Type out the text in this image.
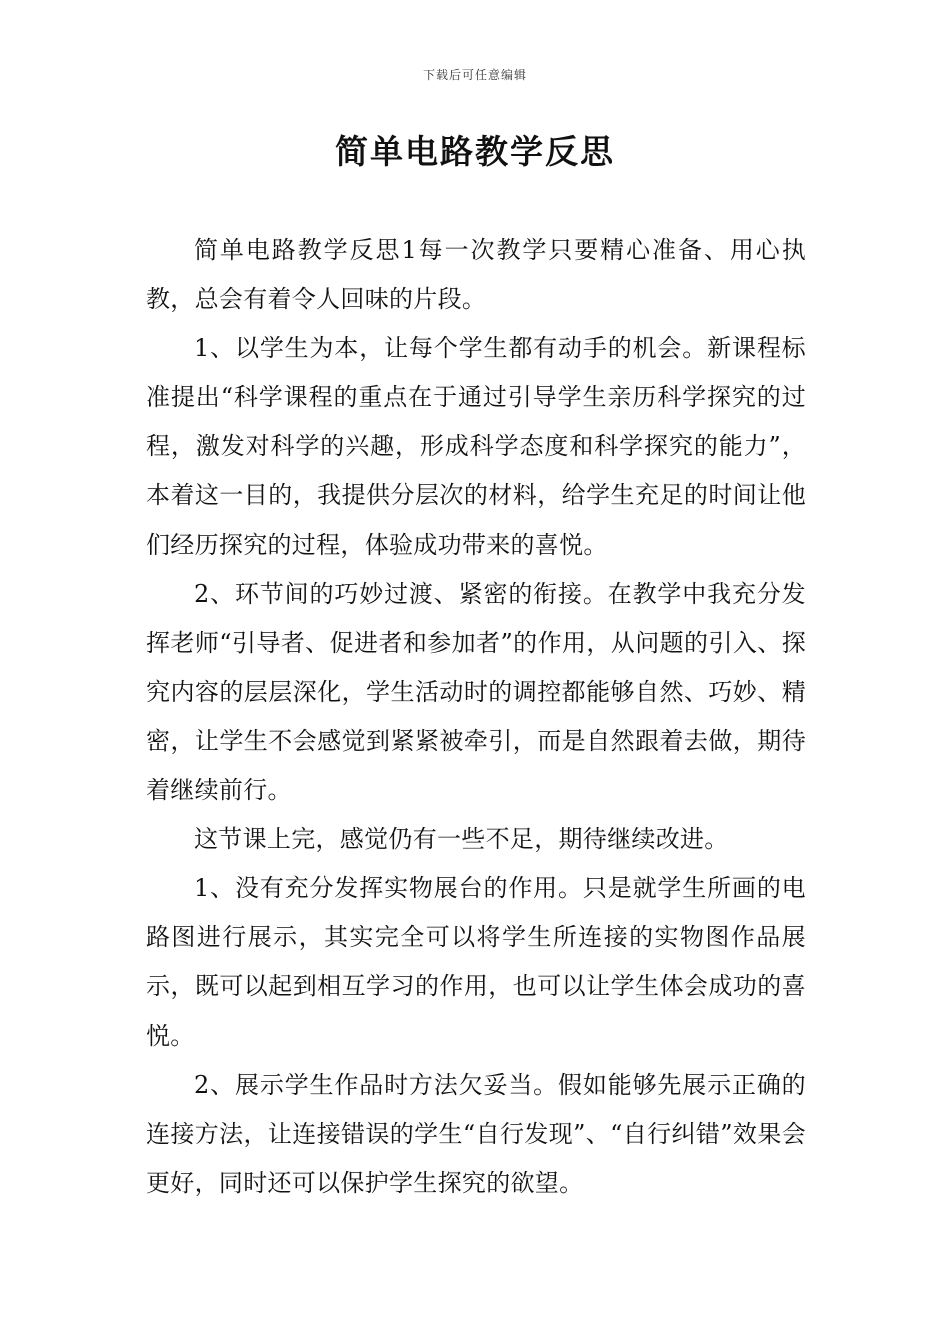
下载后可任意编辑
简单电路教学反思

简单电路教学反思1每一次教学只要精心准备、用心执教，总会有着令人回味的片段。

1、以学生为本，让每个学生都有动手的机会。新课程标准提出“科学课程的重点在于通过引导学生亲历科学探究的过程，激发对科学的兴趣，形成科学态度和科学探究的能力”，本着这一目的，我提供分层次的材料，给学生充足的时间让他们经历探究的过程，体验成功带来的喜悦。

2、环节间的巧妙过渡、紧密的衔接。在教学中我充分发挥老师“引导者、促进者和参加者”的作用，从问题的引入、探究内容的层层深化，学生活动时的调控都能够自然、巧妙、精密，让学生不会感觉到紧紧被牵引，而是自然跟着去做，期待着继续前行。

这节课上完，感觉仍有一些不足，期待继续改进。

1、没有充分发挥实物展台的作用。只是就学生所画的电路图进行展示，其实完全可以将学生所连接的实物图作品展示，既可以起到相互学习的作用，也可以让学生体会成功的喜悦。

2、展示学生作品时方法欠妥当。假如能够先展示正确的连接方法，让连接错误的学生“自行发现”、“自行纠错”效果会更好，同时还可以保护学生探究的欲望。
